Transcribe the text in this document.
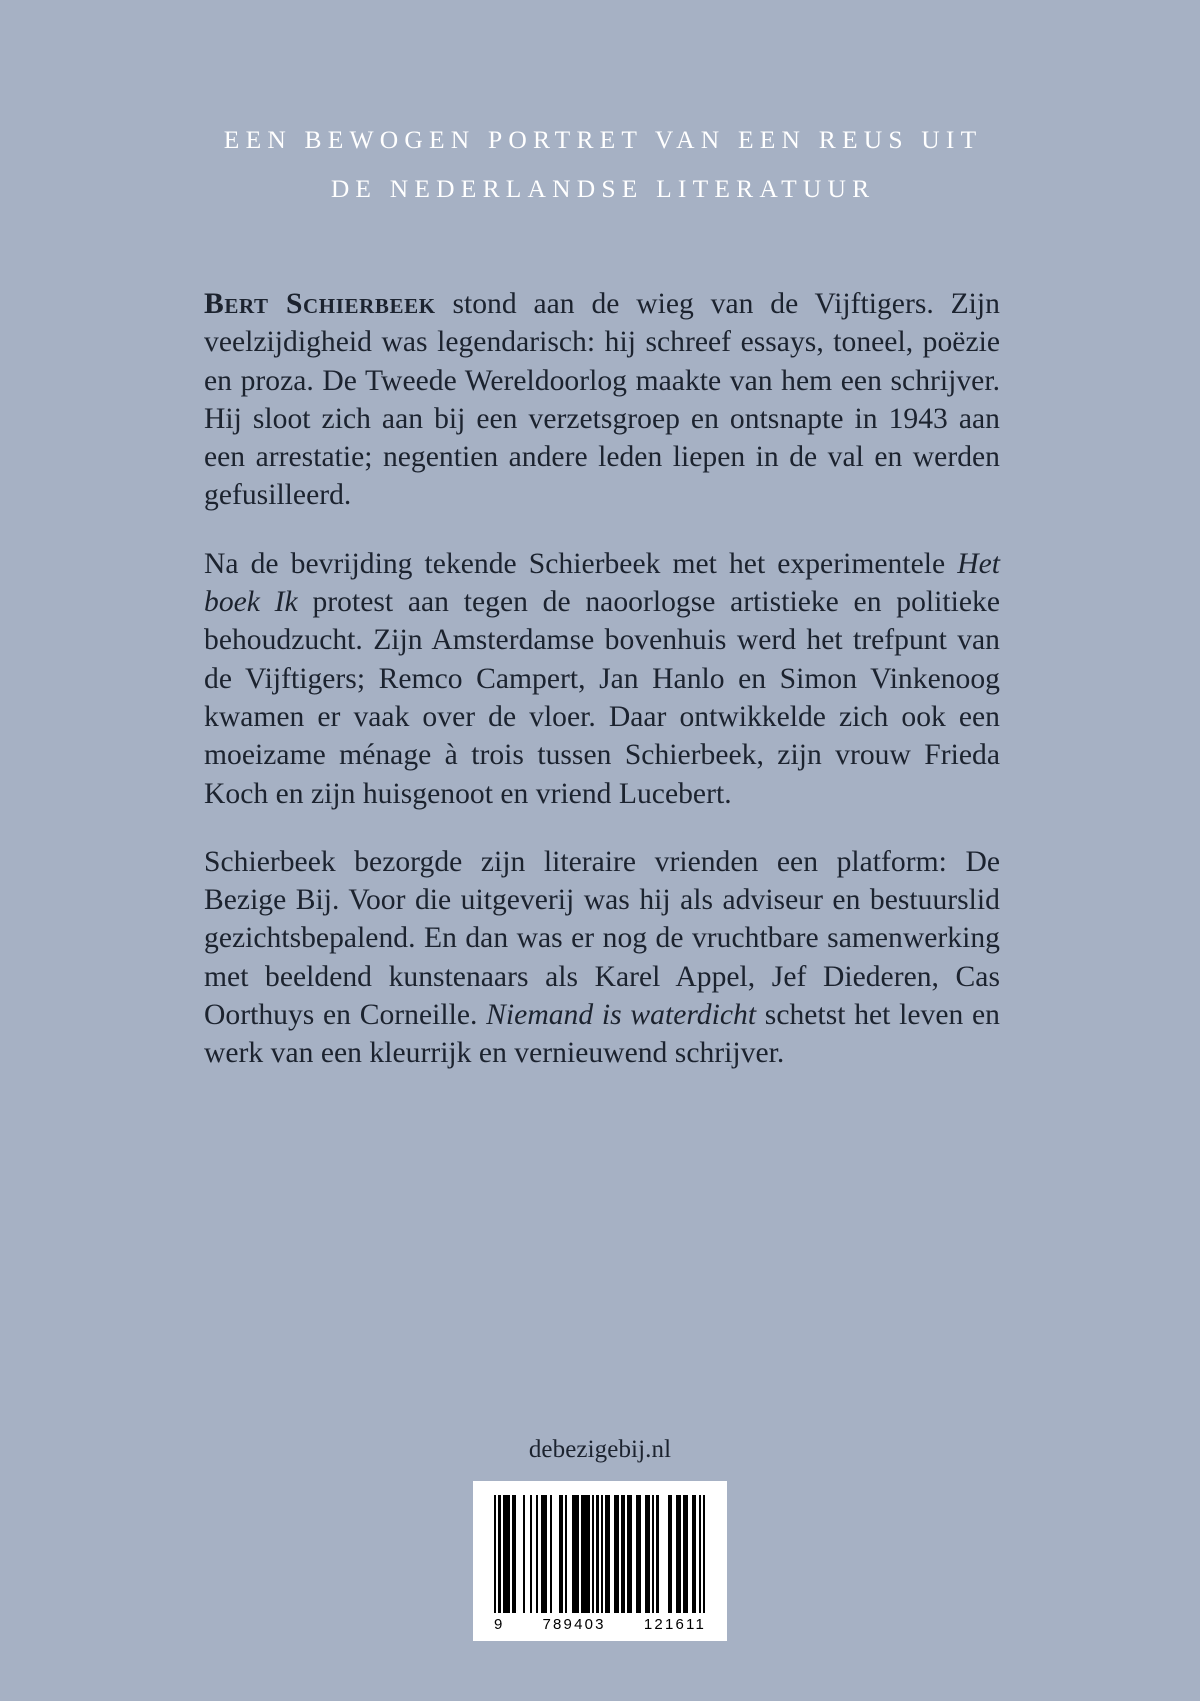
EEN BEWOGEN PORTRET VAN EEN REUS UIT
DE NEDERLANDSE LITERATUUR

Bert Schierbeek stond aan de wieg van de Vijftigers. Zijn veelzijdigheid was legendarisch: hij schreef essays, toneel, poëzie en proza. De Tweede Wereldoorlog maakte van hem een schrijver. Hij sloot zich aan bij een verzetsgroep en ontsnapte in 1943 aan een arrestatie; negentien andere leden liepen in de val en werden gefusilleerd.

Na de bevrijding tekende Schierbeek met het experimentele Het boek Ik protest aan tegen de naoorlogse artistieke en politieke behoudzucht. Zijn Amsterdamse bovenhuis werd het trefpunt van de Vijftigers; Remco Campert, Jan Hanlo en Simon Vinkenoog kwamen er vaak over de vloer. Daar ontwikkelde zich ook een moeizame ménage à trois tussen Schierbeek, zijn vrouw Frieda Koch en zijn huisgenoot en vriend Lucebert.

Schierbeek bezorgde zijn literaire vrienden een platform: De Bezige Bij. Voor die uitgeverij was hij als adviseur en bestuurslid gezichtsbepalend. En dan was er nog de vruchtbare samenwerking met beeldend kunstenaars als Karel Appel, Jef Diederen, Cas Oorthuys en Corneille. Niemand is waterdicht schetst het leven en werk van een kleurrijk en vernieuwend schrijver.

debezigebij.nl
9	789403	121611
